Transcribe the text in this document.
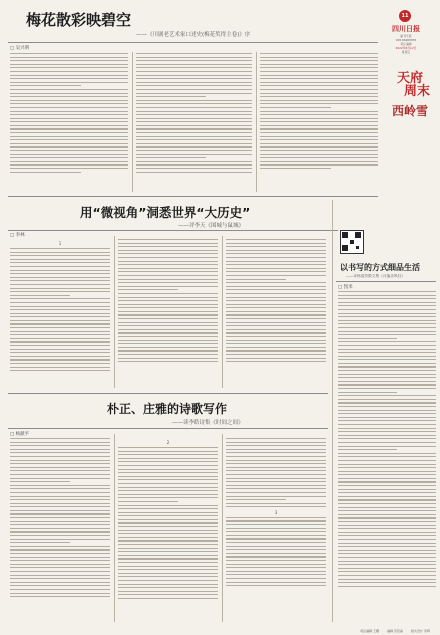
11
四川日报
副刊专版
028-86968855
责任编辑
2022年8月12日
星期五
天府
周末
西岭雪
梅花散彩映碧空
——《川剧老艺术家口述史(梅花奖得主卷)》序
□ 吴兴明
用“微视角”洞悉世界“大历史”
——评李天《围城与鼠城》
□ 李林
1
以书写的方式细品生活
——评杨清茨散文集《月落乐风归》
□ 凯米
朴正、庄雅的诗歌写作
——读李皓诗集《时间之间》
□ 杨献平
2
3
责任编辑 王卿	编辑 范若丽	版式设计 李辉
